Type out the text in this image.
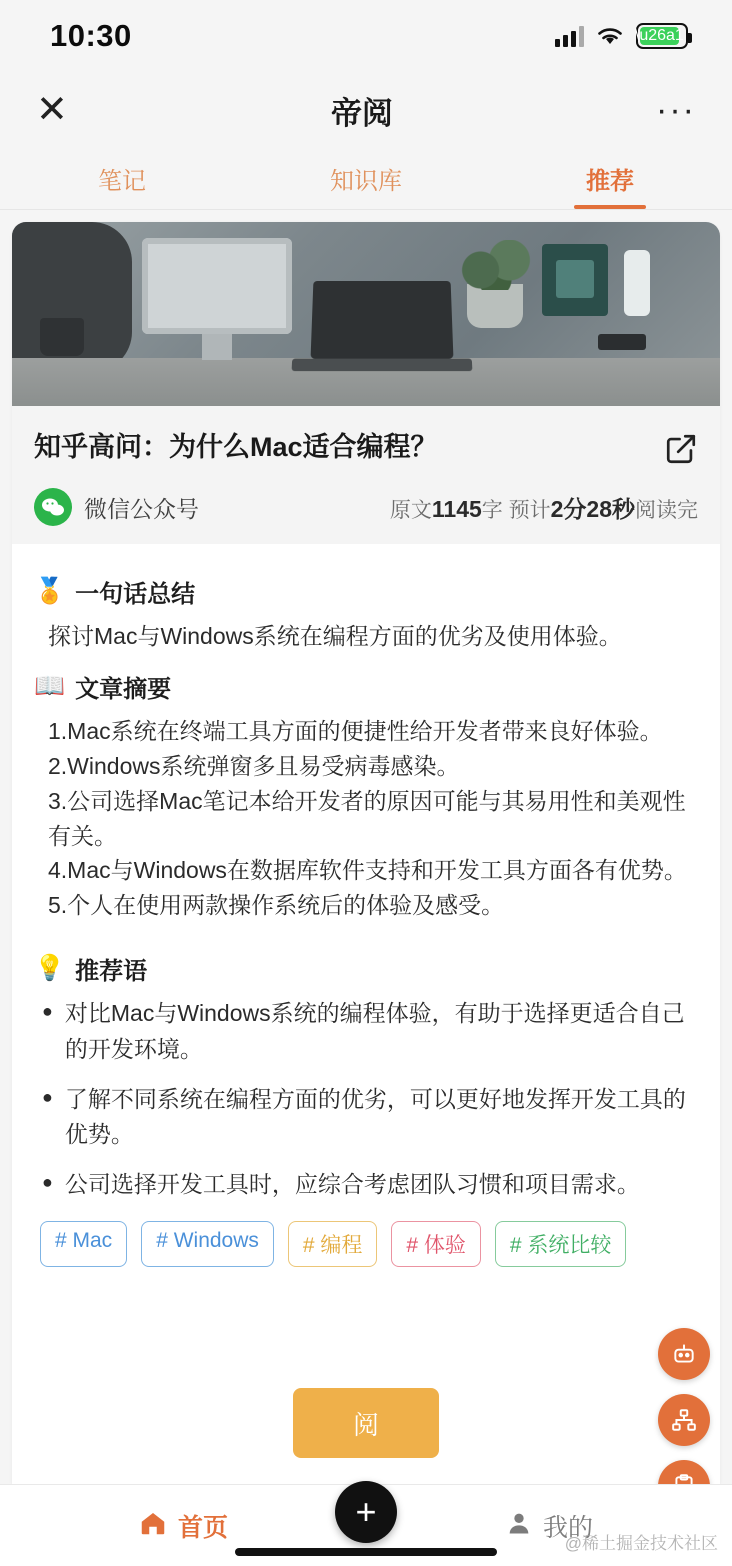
10:30	\u26a1
✕	帝阅	···
笔记	知识库	推荐
知乎高问：为什么Mac适合编程？
微信公众号	原文1145字 预计2分28秒阅读完
🏅 一句话总结
探讨Mac与Windows系统在编程方面的优劣及使用体验。
📖 文章摘要
1.Mac系统在终端工具方面的便捷性给开发者带来良好体验。
2.Windows系统弹窗多且易受病毒感染。
3.公司选择Mac笔记本给开发者的原因可能与其易用性和美观性有关。
4.Mac与Windows在数据库软件支持和开发工具方面各有优势。
5.个人在使用两款操作系统后的体验及感受。
💡 推荐语
● 对比Mac与Windows系统的编程体验，有助于选择更适合自己的开发环境。
● 了解不同系统在编程方面的优劣，可以更好地发挥开发工具的优势。
● 公司选择开发工具时，应综合考虑团队习惯和项目需求。
# Mac	# Windows	# 编程	# 体验	# 系统比较
阅
首页	我的
+
@稀土掘金技术社区
